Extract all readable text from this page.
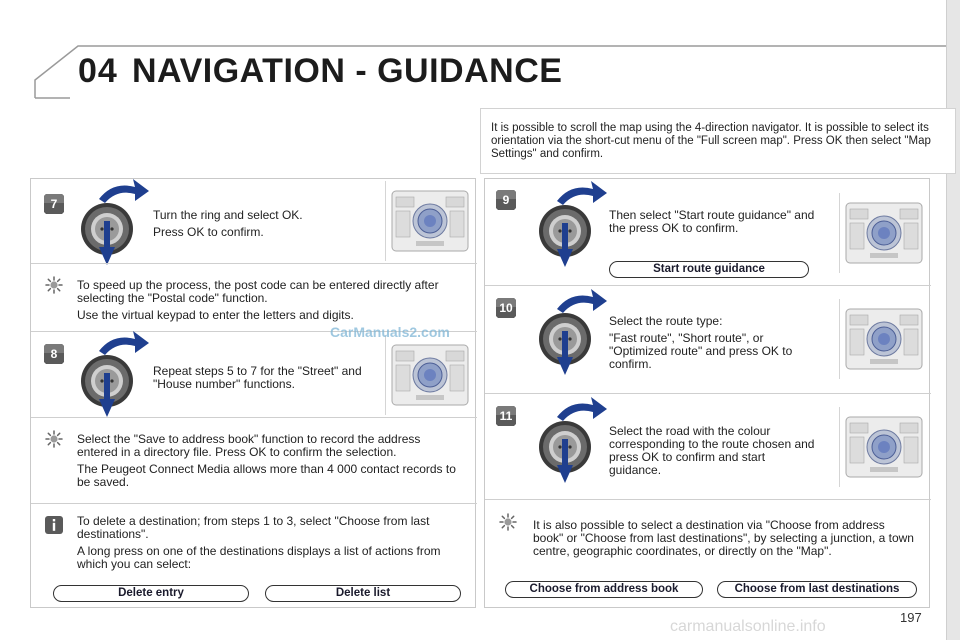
04 NAVIGATION - GUIDANCE
It is possible to scroll the map using the 4-direction navigator. It is possible to select its orientation via the short-cut menu of the "Full screen map". Press OK then select "Map Settings" and confirm.
7

Turn the ring and select OK.

Press OK to confirm.

To speed up the process, the post code can be entered directly after selecting the "Postal code" function.

Use the virtual keypad to enter the letters and digits.

8
Repeat steps 5 to 7 for the "Street" and "House number" functions.

Select the "Save to address book" function to record the address entered in a directory file. Press OK to confirm the selection.

The Peugeot Connect Media allows more than 4 000 contact records to be saved.

To delete a destination; from steps 1 to 3, select "Choose from last destinations".

A long press on one of the destinations displays a list of actions from which you can select:

Delete entry	Delete list
CarManuals2.com
9
Then select "Start route guidance" and the press OK to confirm.
Start route guidance
10

Select the route type:

"Fast route", "Short route", or "Optimized route" and press OK to confirm.

11
Select the road with the colour corresponding to the route chosen and press OK to confirm and start guidance.
It is also possible to select a destination via "Choose from address book" or "Choose from last destinations", by selecting a junction, a town centre, geographic coordinates, or directly on the "Map".
Choose from address book	Choose from last destinations
197
carmanualsonline.info
